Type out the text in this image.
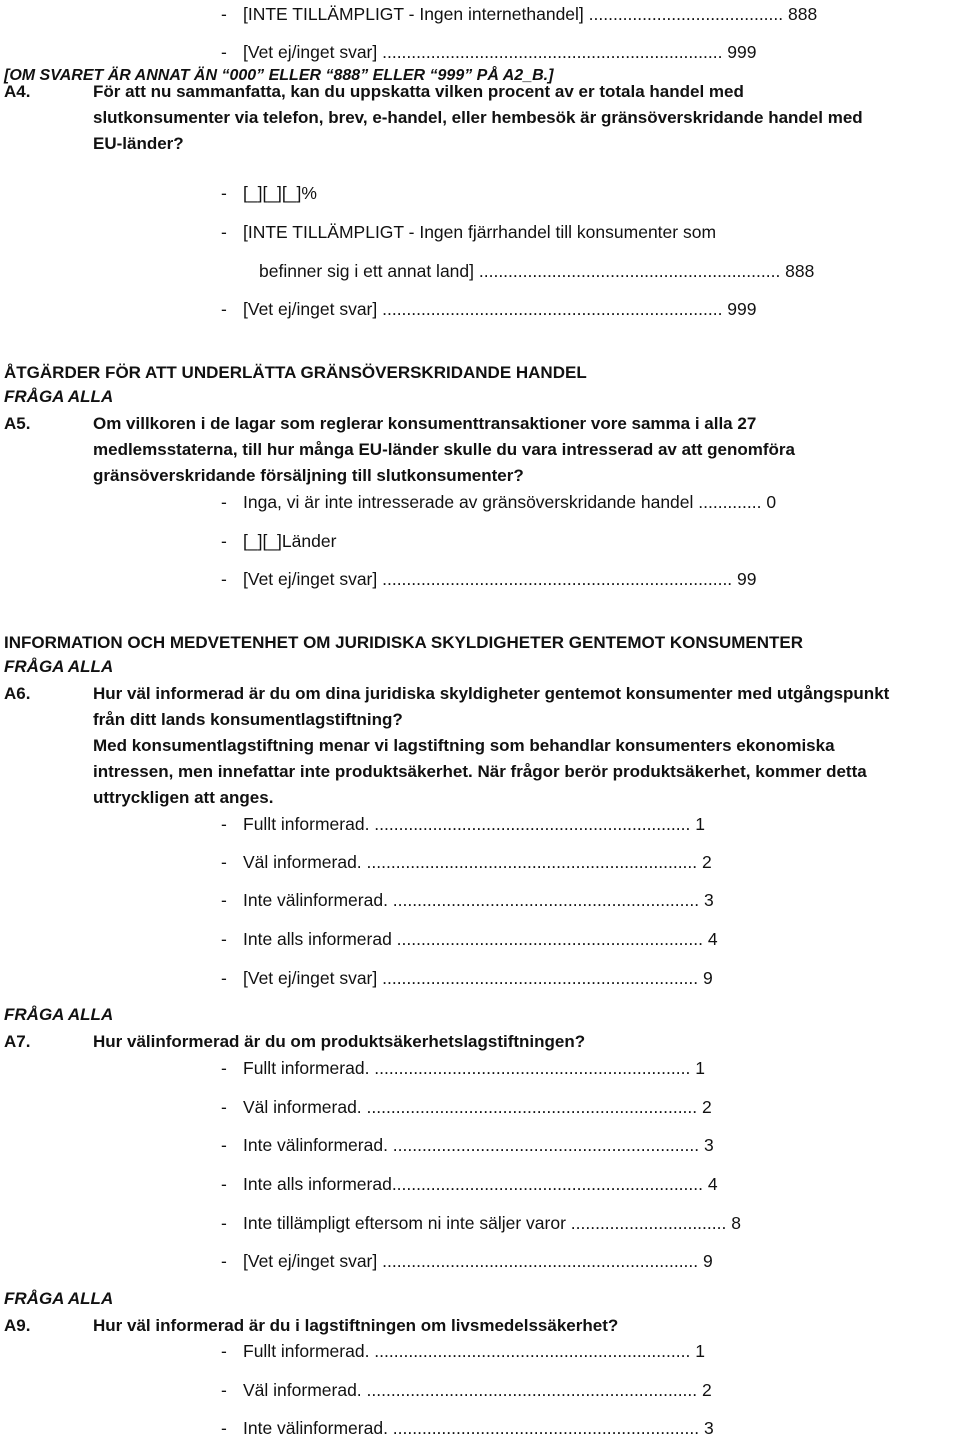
- [INTE TILLÄMPLIGT - Ingen internethandel] ........................................ 888
- [Vet ej/inget svar] ...................................................................... 999
[OM SVARET ÄR ANNAT ÄN “000” ELLER “888” ELLER “999” PÅ A2_B.]
A4.	För att nu sammanfatta, kan du uppskatta vilken procent av er totala handel med
slutkonsumenter via telefon, brev, e-handel, eller hembesök är gränsöverskridande handel med
EU-länder?
- [_][_][_]%
- [INTE TILLÄMPLIGT - Ingen fjärrhandel till konsumenter som
befinner sig i ett annat land] .............................................................. 888
- [Vet ej/inget svar] ...................................................................... 999
ÅTGÄRDER FÖR ATT UNDERLÄTTA GRÄNSÖVERSKRIDANDE HANDEL
FRÅGA ALLA
A5.	Om villkoren i de lagar som reglerar konsumenttransaktioner vore samma i alla 27
medlemsstaterna, till hur många EU-länder skulle du vara intresserad av att genomföra
gränsöverskridande försäljning till slutkonsumenter?
- Inga, vi är inte intresserade av gränsöverskridande handel ............. 0
- [_][_]Länder
- [Vet ej/inget svar] ........................................................................ 99
INFORMATION OCH MEDVETENHET OM JURIDISKA SKYLDIGHETER GENTEMOT KONSUMENTER
FRÅGA ALLA
A6.	Hur väl informerad är du om dina juridiska skyldigheter gentemot konsumenter med utgångspunkt
från ditt lands konsumentlagstiftning?
Med konsumentlagstiftning menar vi lagstiftning som behandlar konsumenters ekonomiska
intressen, men innefattar inte produktsäkerhet. När frågor berör produktsäkerhet, kommer detta
uttryckligen att anges.
- Fullt informerad. ................................................................. 1
- Väl informerad. .................................................................... 2
- Inte välinformerad. ............................................................... 3
- Inte alls informerad ............................................................... 4
- [Vet ej/inget svar] ................................................................. 9
FRÅGA ALLA
A7.	Hur välinformerad är du om produktsäkerhetslagstiftningen?
- Fullt informerad. ................................................................. 1
- Väl informerad. .................................................................... 2
- Inte välinformerad. ............................................................... 3
- Inte alls informerad................................................................ 4
- Inte tillämpligt eftersom ni inte säljer varor ................................ 8
- [Vet ej/inget svar] ................................................................. 9
FRÅGA ALLA
A9.	Hur väl informerad är du i lagstiftningen om livsmedelssäkerhet?
- Fullt informerad. ................................................................. 1
- Väl informerad. .................................................................... 2
- Inte välinformerad. ............................................................... 3
